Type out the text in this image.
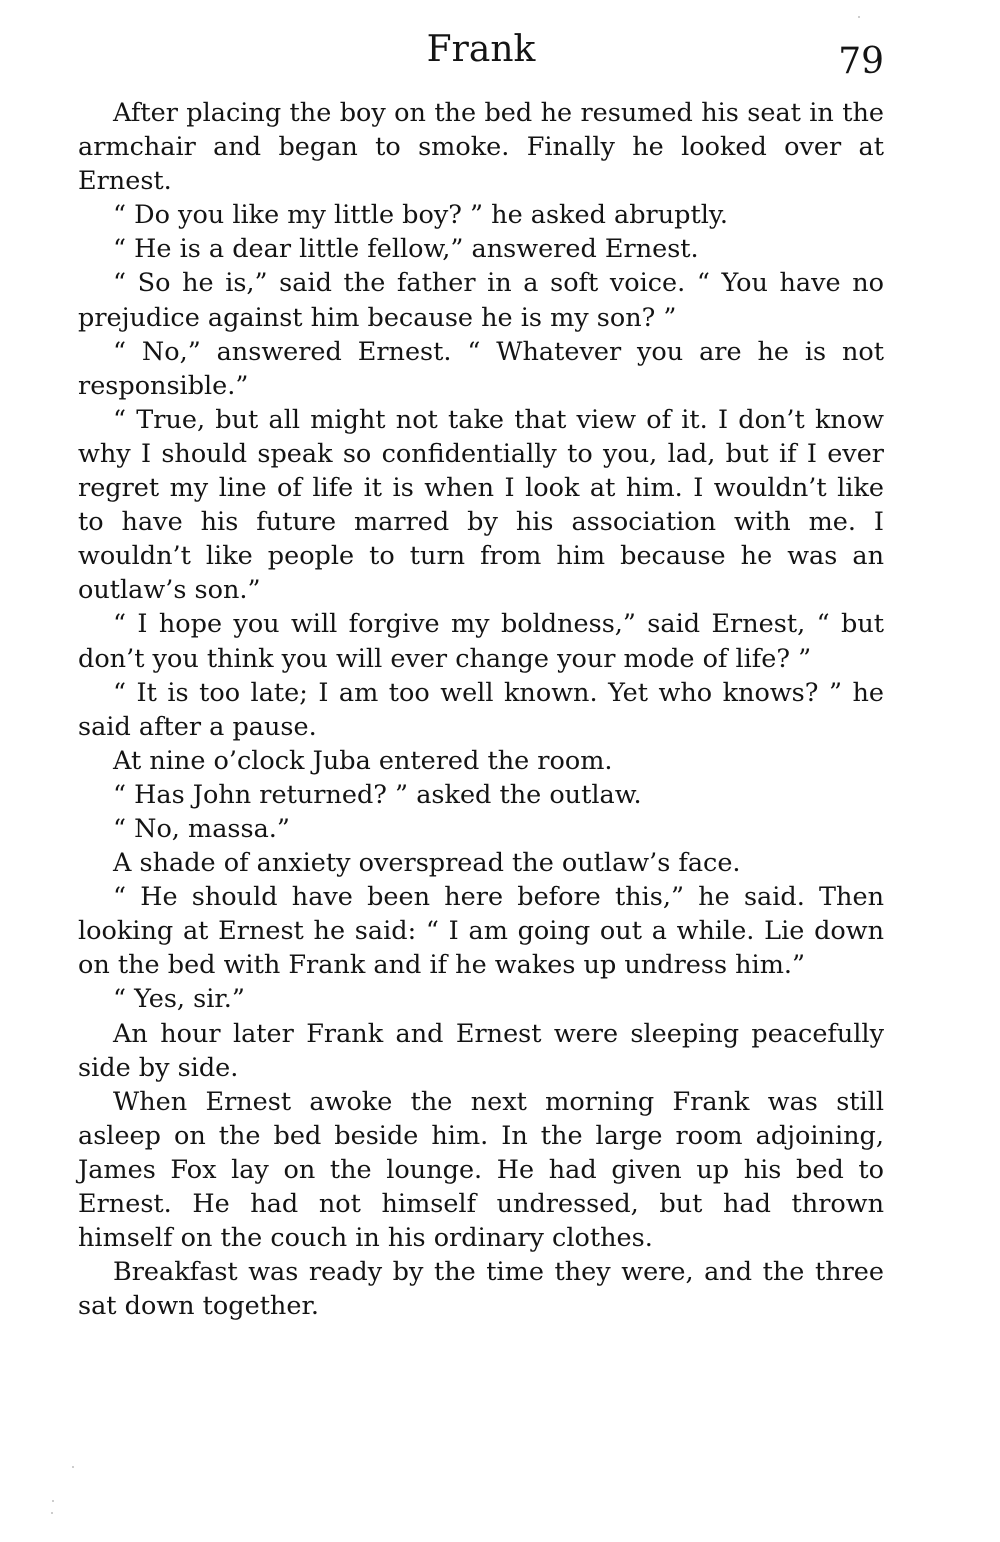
Frank	79

After placing the boy on the bed he resumed his seat in the armchair and began to smoke. Finally he looked over at Ernest.

“ Do you like my little boy? ” he asked abruptly.

“ He is a dear little fellow,” answered Ernest.

“ So he is,” said the father in a soft voice. “ You have no prejudice against him because he is my son? ”

“ No,” answered Ernest. “ Whatever you are he is not responsible.”

“ True, but all might not take that view of it. I don’t know why I should speak so confidentially to you, lad, but if I ever regret my line of life it is when I look at him. I wouldn’t like to have his future marred by his association with me. I wouldn’t like people to turn from him because he was an outlaw’s son.”

“ I hope you will forgive my boldness,” said Ernest, “ but don’t you think you will ever change your mode of life? ”

“ It is too late; I am too well known. Yet who knows? ” he said after a pause.

At nine o’clock Juba entered the room.

“ Has John returned? ” asked the outlaw.

“ No, massa.”

A shade of anxiety overspread the outlaw’s face.

“ He should have been here before this,” he said. Then looking at Ernest he said: “ I am going out a while. Lie down on the bed with Frank and if he wakes up undress him.”

“ Yes, sir.”

An hour later Frank and Ernest were sleeping peacefully side by side.

When Ernest awoke the next morning Frank was still asleep on the bed beside him. In the large room adjoining, James Fox lay on the lounge. He had given up his bed to Ernest. He had not himself undressed, but had thrown himself on the couch in his ordinary clothes.

Breakfast was ready by the time they were, and the three sat down together.
